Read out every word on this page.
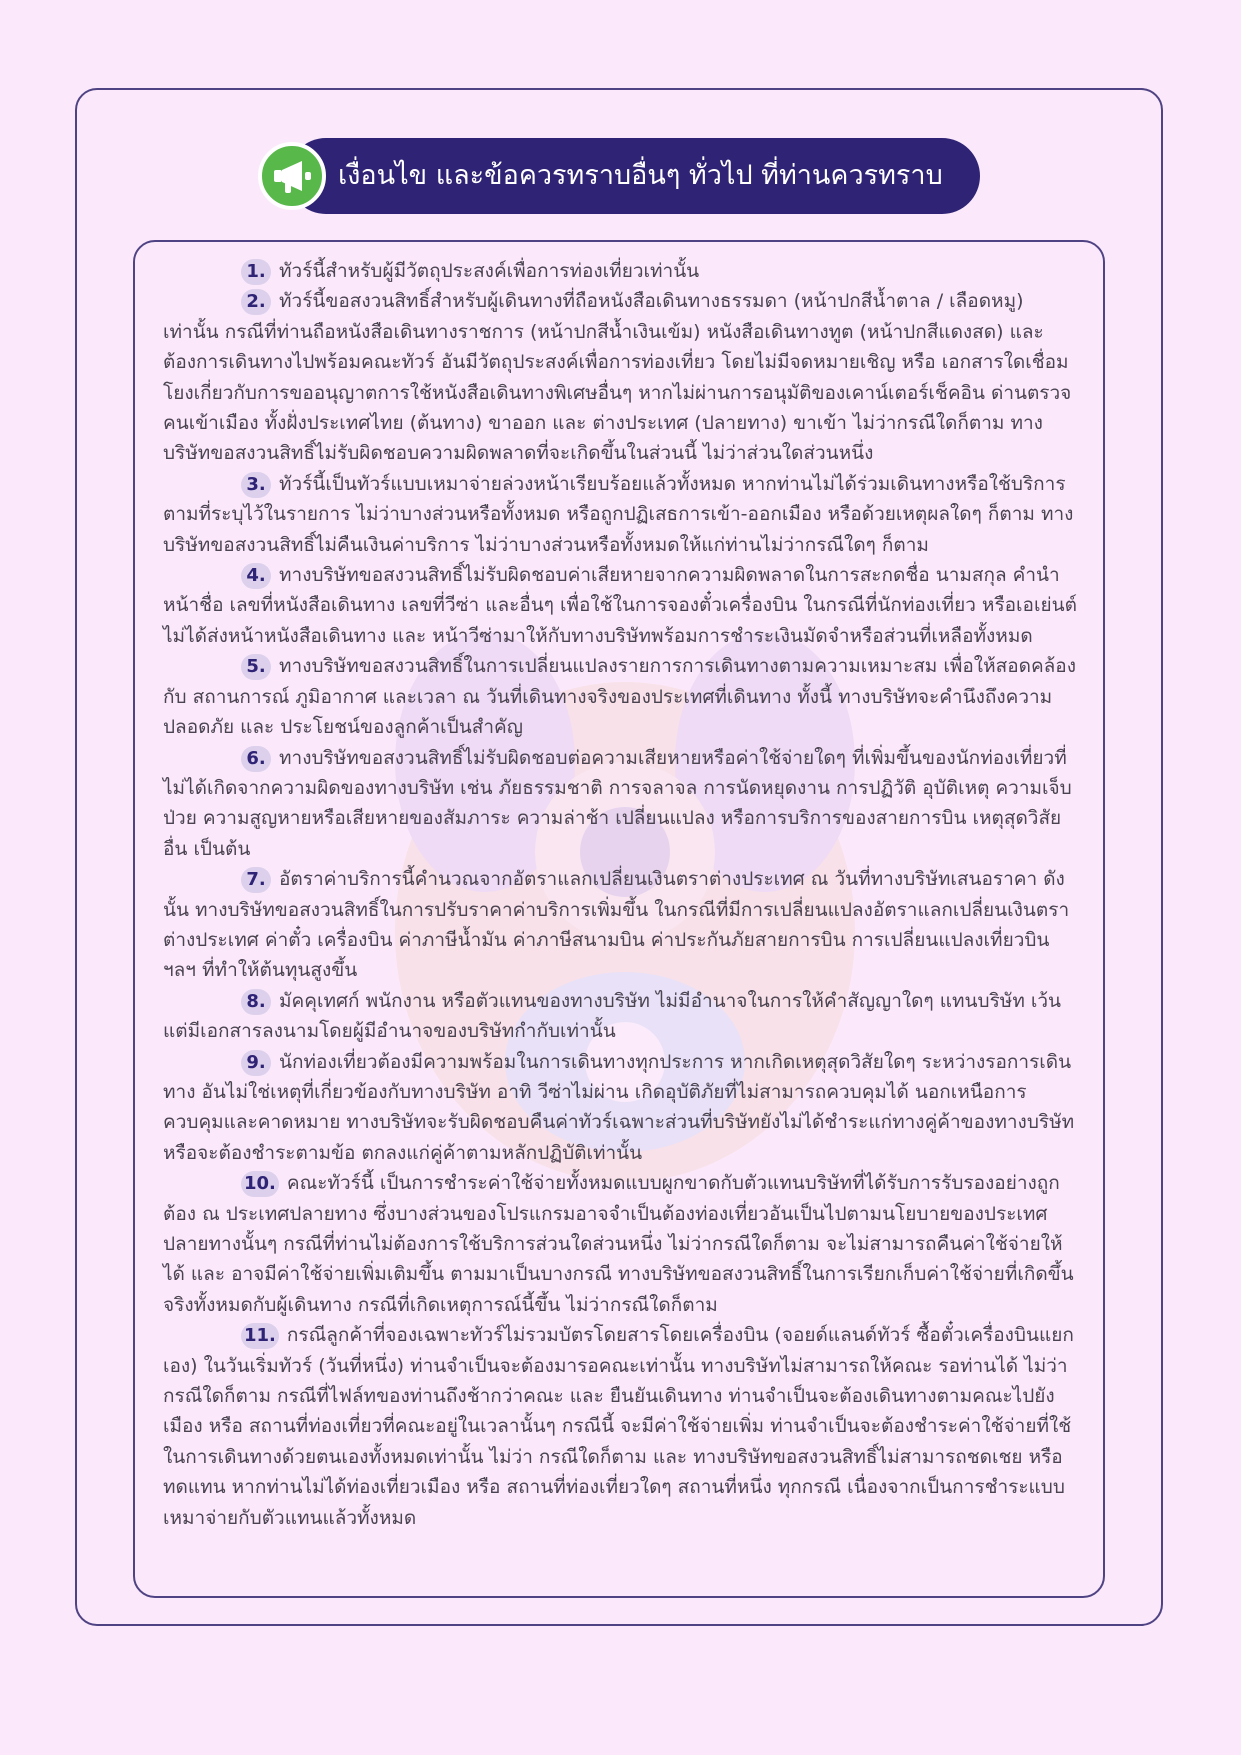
เงื่อนไข และข้อควรทราบอื่นๆ ทั่วไป ที่ท่านควรทราบ

1. ทัวร์นี้สำหรับผู้มีวัตถุประสงค์เพื่อการท่องเที่ยวเท่านั้น

2. ทัวร์นี้ขอสงวนสิทธิ์สำหรับผู้เดินทางที่ถือหนังสือเดินทางธรรมดา (หน้าปกสีน้ำตาล / เลือดหมู) เท่านั้น กรณีที่ท่านถือหนังสือเดินทางราชการ (หน้าปกสีน้ำเงินเข้ม) หนังสือเดินทางทูต (หน้าปกสีแดงสด) และต้องการเดินทางไปพร้อมคณะทัวร์ อันมีวัตถุประสงค์เพื่อการท่องเที่ยว โดยไม่มีจดหมายเชิญ หรือ เอกสารใดเชื่อมโยงเกี่ยวกับการขออนุญาตการใช้หนังสือเดินทางพิเศษอื่นๆ หากไม่ผ่านการอนุมัติของเคาน์เตอร์เช็คอิน ด่านตรวจคนเข้าเมือง ทั้งฝั่งประเทศไทย (ต้นทาง) ขาออก และ ต่างประเทศ (ปลายทาง) ขาเข้า ไม่ว่ากรณีใดก็ตาม ทางบริษัทขอสงวนสิทธิ์ไม่รับผิดชอบความผิดพลาดที่จะเกิดขึ้นในส่วนนี้ ไม่ว่าส่วนใดส่วนหนึ่ง

3. ทัวร์นี้เป็นทัวร์แบบเหมาจ่ายล่วงหน้าเรียบร้อยแล้วทั้งหมด หากท่านไม่ได้ร่วมเดินทางหรือใช้บริการตามที่ระบุไว้ในรายการ ไม่ว่าบางส่วนหรือทั้งหมด หรือถูกปฏิเสธการเข้า-ออกเมือง หรือด้วยเหตุผลใดๆ ก็ตาม ทางบริษัทขอสงวนสิทธิ์ไม่คืนเงินค่าบริการ ไม่ว่าบางส่วนหรือทั้งหมดให้แก่ท่านไม่ว่ากรณีใดๆ ก็ตาม

4. ทางบริษัทขอสงวนสิทธิ์ไม่รับผิดชอบค่าเสียหายจากความผิดพลาดในการสะกดชื่อ นามสกุล คำนำหน้าชื่อ เลขที่หนังสือเดินทาง เลขที่วีซ่า และอื่นๆ เพื่อใช้ในการจองตั๋วเครื่องบิน ในกรณีที่นักท่องเที่ยว หรือเอเย่นต์ไม่ได้ส่งหน้าหนังสือเดินทาง และ หน้าวีซ่ามาให้กับทางบริษัทพร้อมการชำระเงินมัดจำหรือส่วนที่เหลือทั้งหมด

5. ทางบริษัทขอสงวนสิทธิ์ในการเปลี่ยนแปลงรายการการเดินทางตามความเหมาะสม เพื่อให้สอดคล้องกับ สถานการณ์ ภูมิอากาศ และเวลา ณ วันที่เดินทางจริงของประเทศที่เดินทาง ทั้งนี้ ทางบริษัทจะคำนึงถึงความปลอดภัย และ ประโยชน์ของลูกค้าเป็นสำคัญ

6. ทางบริษัทขอสงวนสิทธิ์ไม่รับผิดชอบต่อความเสียหายหรือค่าใช้จ่ายใดๆ ที่เพิ่มขึ้นของนักท่องเที่ยวที่ไม่ได้เกิดจากความผิดของทางบริษัท เช่น ภัยธรรมชาติ การจลาจล การนัดหยุดงาน การปฏิวัติ อุบัติเหตุ ความเจ็บป่วย ความสูญหายหรือเสียหายของสัมภาระ ความล่าช้า เปลี่ยนแปลง หรือการบริการของสายการบิน เหตุสุดวิสัยอื่น เป็นต้น

7. อัตราค่าบริการนี้คำนวณจากอัตราแลกเปลี่ยนเงินตราต่างประเทศ ณ วันที่ทางบริษัทเสนอราคา ดังนั้น ทางบริษัทขอสงวนสิทธิ์ในการปรับราคาค่าบริการเพิ่มขึ้น ในกรณีที่มีการเปลี่ยนแปลงอัตราแลกเปลี่ยนเงินตราต่างประเทศ ค่าตั๋ว เครื่องบิน ค่าภาษีน้ำมัน ค่าภาษีสนามบิน ค่าประกันภัยสายการบิน การเปลี่ยนแปลงเที่ยวบิน ฯลฯ ที่ทำให้ต้นทุนสูงขึ้น

8. มัคคุเทศก์ พนักงาน หรือตัวแทนของทางบริษัท ไม่มีอำนาจในการให้คำสัญญาใดๆ แทนบริษัท เว้นแต่มีเอกสารลงนามโดยผู้มีอำนาจของบริษัทกำกับเท่านั้น

9. นักท่องเที่ยวต้องมีความพร้อมในการเดินทางทุกประการ หากเกิดเหตุสุดวิสัยใดๆ ระหว่างรอการเดินทาง อันไม่ใช่เหตุที่เกี่ยวข้องกับทางบริษัท อาทิ วีซ่าไม่ผ่าน เกิดอุบัติภัยที่ไม่สามารถควบคุมได้ นอกเหนือการควบคุมและคาดหมาย ทางบริษัทจะรับผิดชอบคืนค่าทัวร์เฉพาะส่วนที่บริษัทยังไม่ได้ชำระแก่ทางคู่ค้าของทางบริษัท หรือจะต้องชำระตามข้อ ตกลงแก่คู่ค้าตามหลักปฏิบัติเท่านั้น

10. คณะทัวร์นี้ เป็นการชำระค่าใช้จ่ายทั้งหมดแบบผูกขาดกับตัวแทนบริษัทที่ได้รับการรับรองอย่างถูกต้อง ณ ประเทศปลายทาง ซึ่งบางส่วนของโปรแกรมอาจจำเป็นต้องท่องเที่ยวอันเป็นไปตามนโยบายของประเทศปลายทางนั้นๆ กรณีที่ท่านไม่ต้องการใช้บริการส่วนใดส่วนหนึ่ง ไม่ว่ากรณีใดก็ตาม จะไม่สามารถคืนค่าใช้จ่ายให้ได้ และ อาจมีค่าใช้จ่ายเพิ่มเติมขึ้น ตามมาเป็นบางกรณี ทางบริษัทขอสงวนสิทธิ์ในการเรียกเก็บค่าใช้จ่ายที่เกิดขึ้นจริงทั้งหมดกับผู้เดินทาง กรณีที่เกิดเหตุการณ์นี้ขึ้น ไม่ว่ากรณีใดก็ตาม

11. กรณีลูกค้าที่จองเฉพาะทัวร์ไม่รวมบัตรโดยสารโดยเครื่องบิน (จอยด์แลนด์ทัวร์ ซื้อตั๋วเครื่องบินแยกเอง) ในวันเริ่มทัวร์ (วันที่หนึ่ง) ท่านจำเป็นจะต้องมารอคณะเท่านั้น ทางบริษัทไม่สามารถให้คณะ รอท่านได้ ไม่ว่ากรณีใดก็ตาม กรณีที่ไฟล์ทของท่านถึงช้ากว่าคณะ และ ยืนยันเดินทาง ท่านจำเป็นจะต้องเดินทางตามคณะไปยังเมือง หรือ สถานที่ท่องเที่ยวที่คณะอยู่ในเวลานั้นๆ กรณีนี้ จะมีค่าใช้จ่ายเพิ่ม ท่านจำเป็นจะต้องชำระค่าใช้จ่ายที่ใช้ในการเดินทางด้วยตนเองทั้งหมดเท่านั้น ไม่ว่า กรณีใดก็ตาม และ ทางบริษัทขอสงวนสิทธิ์ไม่สามารถชดเชย หรือ ทดแทน หากท่านไม่ได้ท่องเที่ยวเมือง หรือ สถานที่ท่องเที่ยวใดๆ สถานที่หนึ่ง ทุกกรณี เนื่องจากเป็นการชำระแบบเหมาจ่ายกับตัวแทนแล้วทั้งหมด
